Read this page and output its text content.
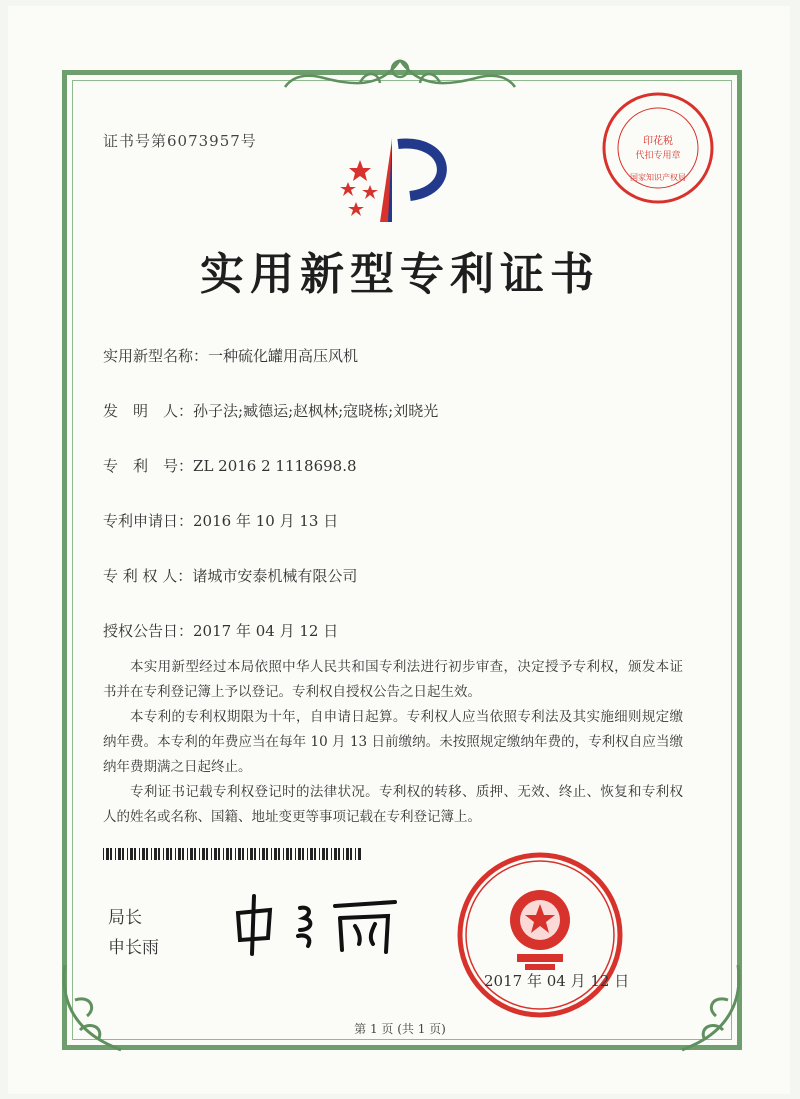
证书号第6073957号	印花税
代扣专用章
国家知识产权局
实用新型专利证书
实用新型名称：一种硫化罐用高压风机
发　明　人：孙子法;臧德运;赵枫林;寇晓栋;刘晓光
专　利　号：ZL 2016 2 1118698.8
专利申请日：2016 年 10 月 13 日
专 利 权 人：诸城市安泰机械有限公司
授权公告日：2017 年 04 月 12 日
本实用新型经过本局依照中华人民共和国专利法进行初步审查，决定授予专利权，颁发本证书并在专利登记簿上予以登记。专利权自授权公告之日起生效。
本专利的专利权期限为十年，自申请日起算。专利权人应当依照专利法及其实施细则规定缴纳年费。本专利的年费应当在每年 10 月 13 日前缴纳。未按照规定缴纳年费的，专利权自应当缴纳年费期满之日起终止。
专利证书记载专利权登记时的法律状况。专利权的转移、质押、无效、终止、恢复和专利权人的姓名或名称、国籍、地址变更等事项记载在专利登记簿上。
局长
申长雨
2017 年 04 月 12 日
第 1 页 (共 1 页)
